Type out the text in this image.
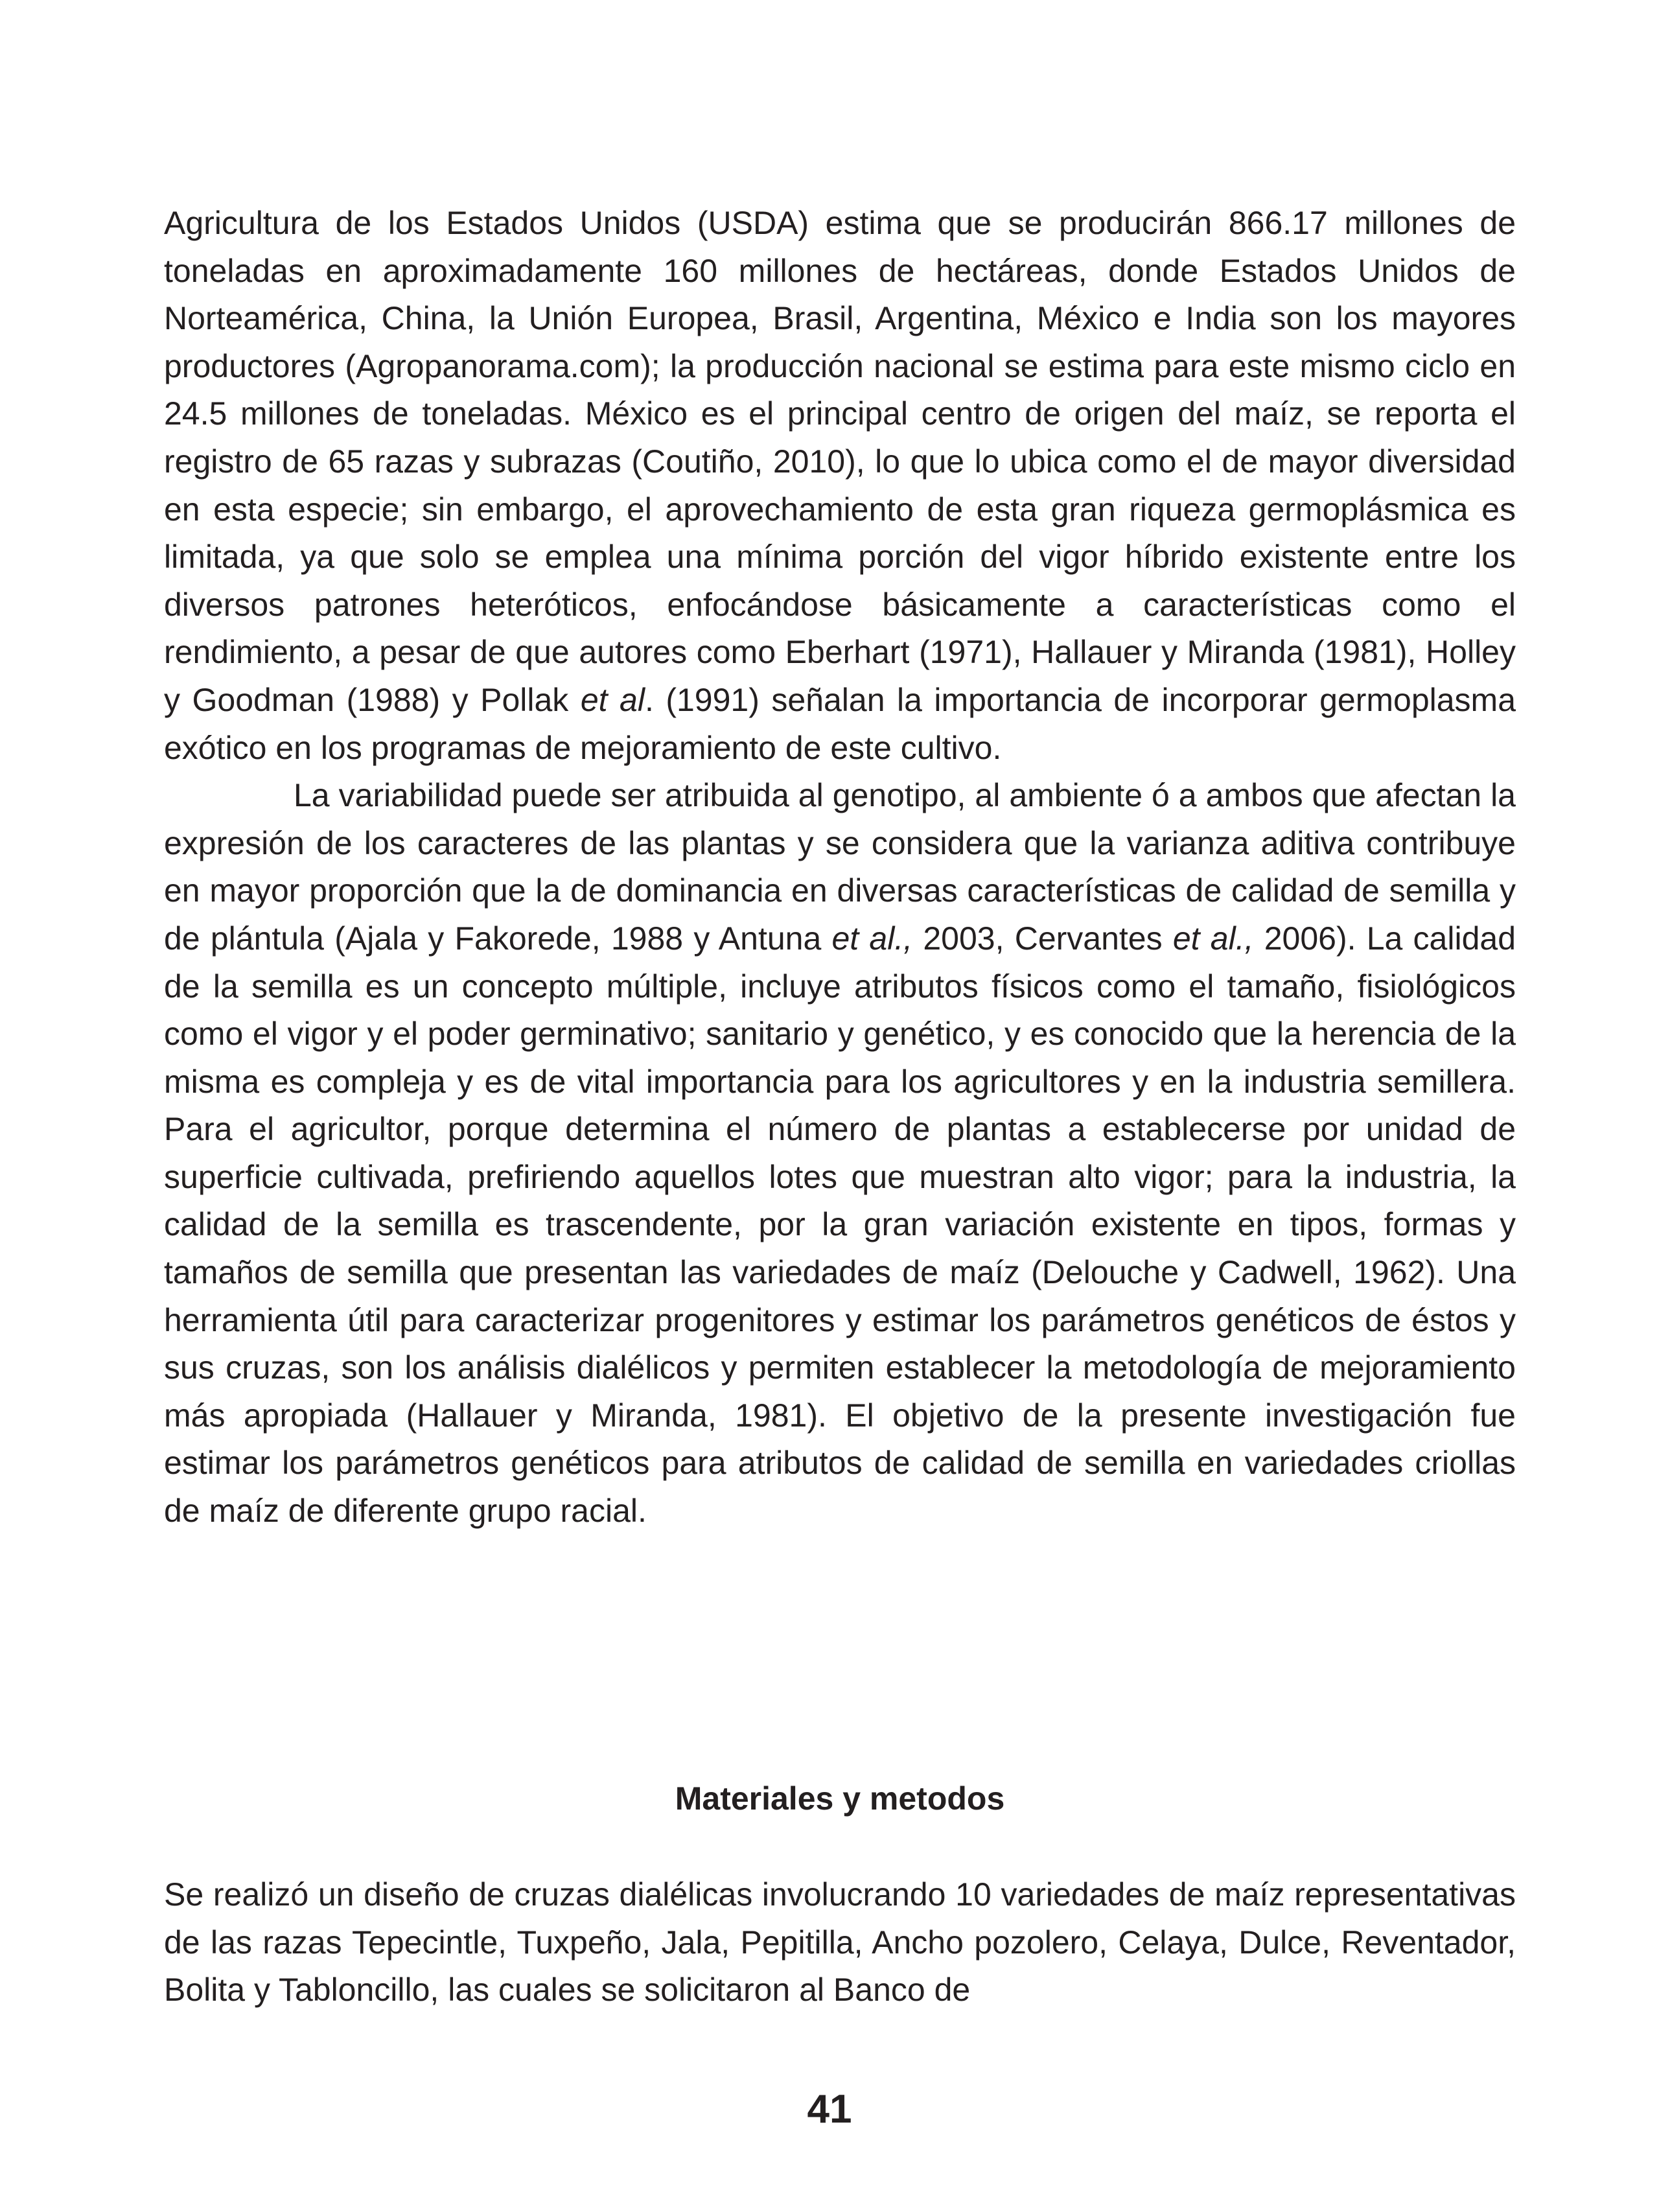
Agricultura de los Estados Unidos (USDA) estima que se producirán 866.17 millones de toneladas en aproximadamente 160 millones de hectáreas, donde Estados Unidos de Norteamérica, China, la Unión Europea, Brasil, Argentina, México e India son los mayores productores (Agropanorama.com); la producción nacional se estima para este mismo ciclo en 24.5 millones de toneladas. México es el principal centro de origen del maíz, se reporta el registro de 65 razas y subrazas (Coutiño, 2010), lo que lo ubica como el de mayor diversidad en esta especie; sin embargo, el aprovechamiento de esta gran riqueza germoplásmica es limitada, ya que solo se emplea una mínima porción del vigor híbrido existente entre los diversos patrones heteróticos, enfocándose básicamente a características como el rendimiento, a pesar de que autores como Eberhart (1971), Hallauer y Miranda (1981), Holley y Goodman (1988) y Pollak et al. (1991) señalan la importancia de incorporar germoplasma exótico en los programas de mejoramiento de este cultivo.

La variabilidad puede ser atribuida al genotipo, al ambiente ó a ambos que afectan la expresión de los caracteres de las plantas y se considera que la varianza aditiva contribuye en mayor proporción que la de dominancia en diversas características de calidad de semilla y de plántula (Ajala y Fakorede, 1988 y Antuna et al., 2003, Cervantes et al., 2006). La calidad de la semilla es un concepto múltiple, incluye atributos físicos como el tamaño, fisiológicos como el vigor y el poder germinativo; sanitario y genético, y es conocido que la herencia de la misma es compleja y es de vital importancia para los agricultores y en la industria semillera. Para el agricultor, porque determina el número de plantas a establecerse por unidad de superficie cultivada, prefiriendo aquellos lotes que muestran alto vigor; para la industria, la calidad de la semilla es trascendente, por la gran variación existente en tipos, formas y tamaños de semilla que presentan las variedades de maíz (Delouche y Cadwell, 1962). Una herramienta útil para caracterizar progenitores y estimar los parámetros genéticos de éstos y sus cruzas, son los análisis dialélicos y permiten establecer la metodología de mejoramiento más apropiada (Hallauer y Miranda, 1981). El objetivo de la presente investigación fue estimar los parámetros genéticos para atributos de calidad de semilla en variedades criollas de maíz de diferente grupo racial.

Materiales y metodos

Se realizó un diseño de cruzas dialélicas involucrando 10 variedades de maíz representativas de las razas Tepecintle, Tuxpeño, Jala, Pepitilla, Ancho pozolero, Celaya, Dulce, Reventador, Bolita y Tabloncillo, las cuales se solicitaron al Banco de

41
